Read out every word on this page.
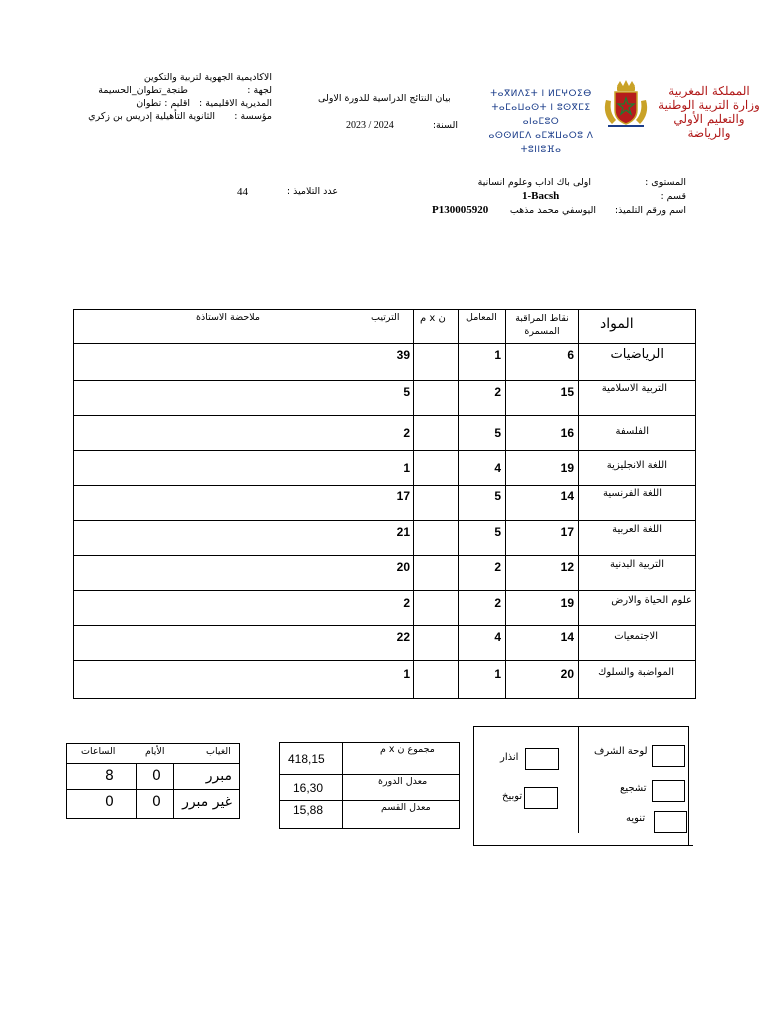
الاكاديمية الجهوية لتربية والتكوين
لجهة :
طنجة_تطوان_الحسيمة
المديرية الاقليمية :
اقليم : تطوان
مؤسسة :
الثانوية التأهيلية إدريس بن زكري
بيان النتائج الدراسية للدورة الاولى
السنة:
2023 / 2024
ⵜⴰⴳⵍⴷⵉⵜ ⵏ ⵍⵎⵖⵔⵉⴱ
ⵜⴰⵎⴰⵡⴰⵙⵜ ⵏ ⵓⵙⴳⵎⵉ ⴰⵏⴰⵎⵓⵔ
ⴰⵙⵙⵍⵎⴷ ⴰⵎⵣⵡⴰⵔⵓ ⴷ ⵜⵓⵏⵏⵓⴼⴰ
المملكة المغربية
وزارة التربية الوطنية
والتعليم الأولي والرياضة
المستوى :
اولى باك اداب وعلوم انسانية
قسم :
1-Bacsh
اسم ورقم التلميذ:
اليوسفي محمد مذهب
P130005920
عدد التلاميذ :
44
المواد
نقاط المراقبة المسمرة
المعامل
ن x م
الترتيب
ملاحضة الاستاذة
الرياضيات
6
1
39
التربية الاسلامية
15
2
5
الفلسفة
16
5
2
اللغة الانجليزية
19
4
1
اللغة الفرنسية
14
5
17
اللغة العربية
17
5
21
التربية البدنية
12
2
20
علوم الحياة والارض
19
2
2
الاجتمعيات
14
4
22
المواضبة والسلوك
20
1
1
الغياب
الأيام
الساعات
مبرر
0
8
غير مبرر
0
0
مجموع ن x م
418,15
معدل الدورة
16,30
معدل القسم
15,88
لوحة الشرف
تشجيع
تنويه
انذار
توبيخ
